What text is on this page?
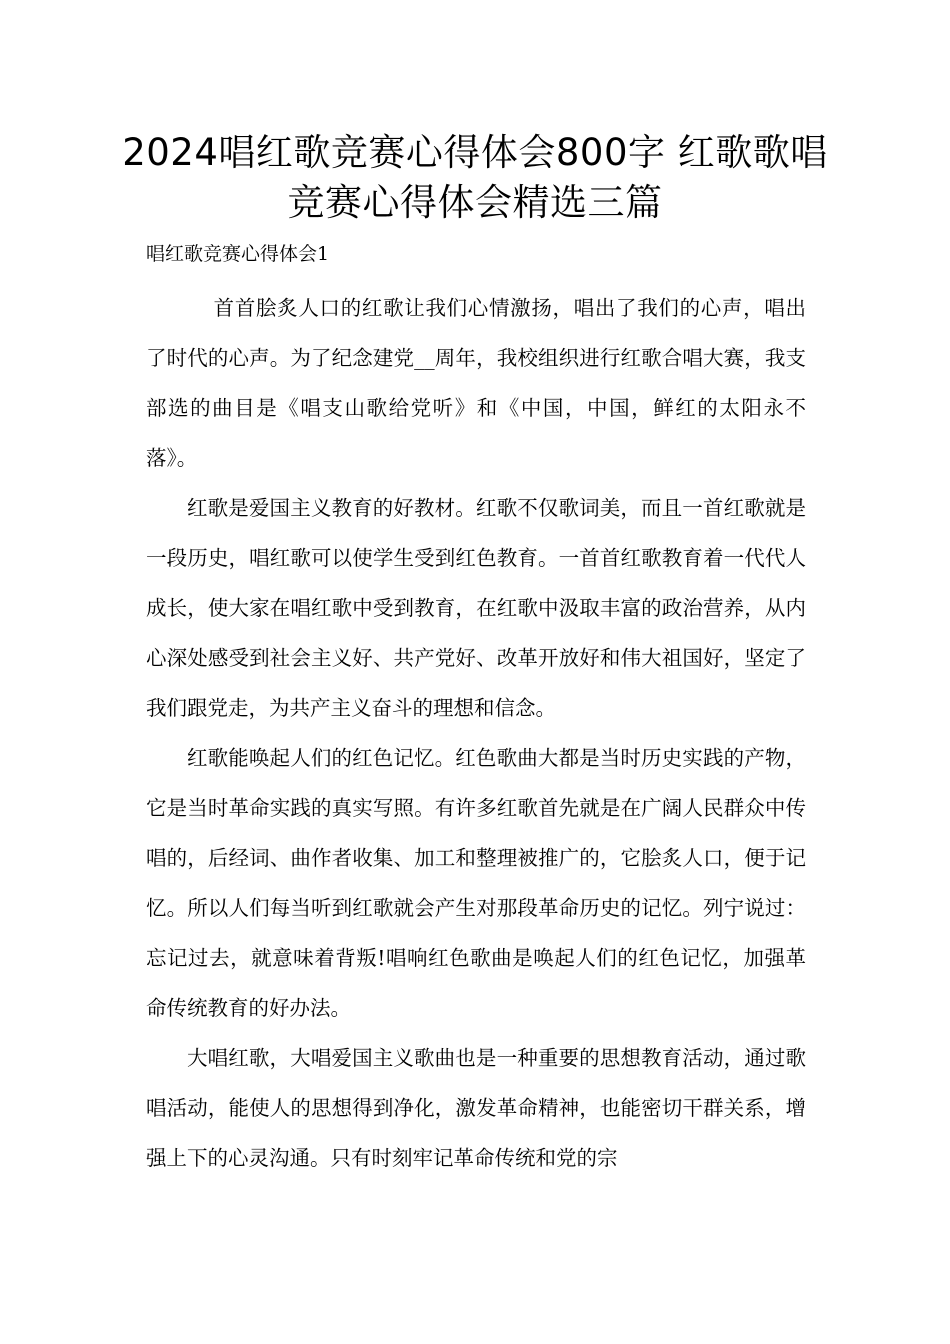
2024唱红歌竞赛心得体会800字 红歌歌唱竞赛心得体会精选三篇

唱红歌竞赛心得体会1

首首脍炙人口的红歌让我们心情激扬，唱出了我们的心声，唱出了时代的心声。为了纪念建党__周年，我校组织进行红歌合唱大赛，我支部选的曲目是《唱支山歌给党听》和《中国，中国，鲜红的太阳永不落》。

红歌是爱国主义教育的好教材。红歌不仅歌词美，而且一首红歌就是一段历史，唱红歌可以使学生受到红色教育。一首首红歌教育着一代代人成长，使大家在唱红歌中受到教育，在红歌中汲取丰富的政治营养，从内心深处感受到社会主义好、共产党好、改革开放好和伟大祖国好，坚定了我们跟党走，为共产主义奋斗的理想和信念。

红歌能唤起人们的红色记忆。红色歌曲大都是当时历史实践的产物，它是当时革命实践的真实写照。有许多红歌首先就是在广阔人民群众中传唱的，后经词、曲作者收集、加工和整理被推广的，它脍炙人口，便于记忆。所以人们每当听到红歌就会产生对那段革命历史的记忆。列宁说过：忘记过去，就意味着背叛!唱响红色歌曲是唤起人们的红色记忆，加强革命传统教育的好办法。

大唱红歌，大唱爱国主义歌曲也是一种重要的思想教育活动，通过歌唱活动，能使人的思想得到净化，激发革命精神，也能密切干群关系，增强上下的心灵沟通。只有时刻牢记革命传统和党的宗
